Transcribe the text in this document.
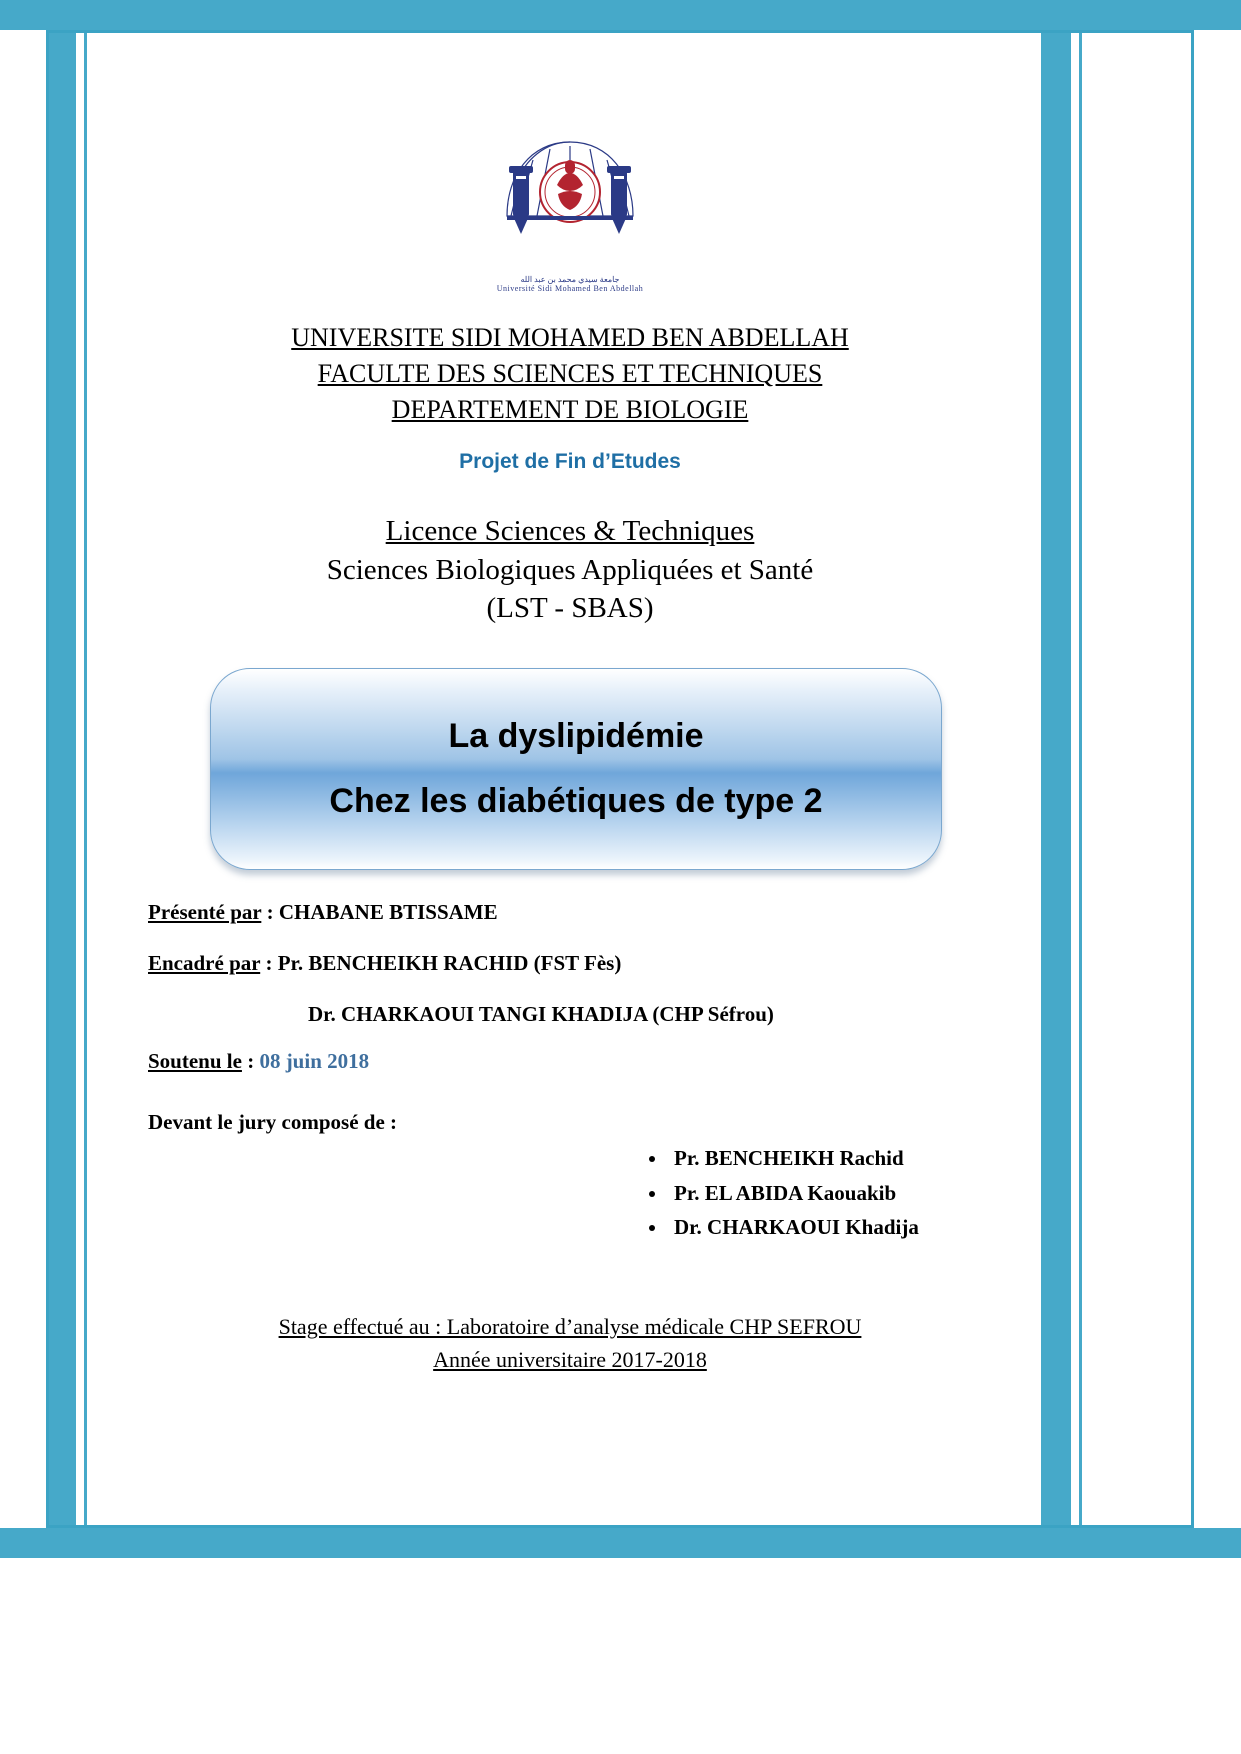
جامعة سيدي محمد بن عبد الله
Université Sidi Mohamed Ben Abdellah
UNIVERSITE SIDI MOHAMED BEN ABDELLAH
FACULTE DES SCIENCES ET TECHNIQUES
DEPARTEMENT DE BIOLOGIE
Projet de Fin d’Etudes
Licence Sciences & Techniques
Sciences Biologiques Appliquées et Santé
(LST - SBAS)
La dyslipidémie
Chez les diabétiques de type 2
Présenté par : CHABANE BTISSAME
Encadré par : Pr. BENCHEIKH RACHID (FST Fès)
Dr. CHARKAOUI TANGI KHADIJA (CHP Séfrou)
Soutenu le : 08 juin 2018
Devant le jury composé de :
• Pr. BENCHEIKH Rachid
• Pr. EL ABIDA Kaouakib
• Dr. CHARKAOUI Khadija
Stage effectué au : Laboratoire d’analyse médicale CHP SEFROU
Année universitaire 2017-2018
